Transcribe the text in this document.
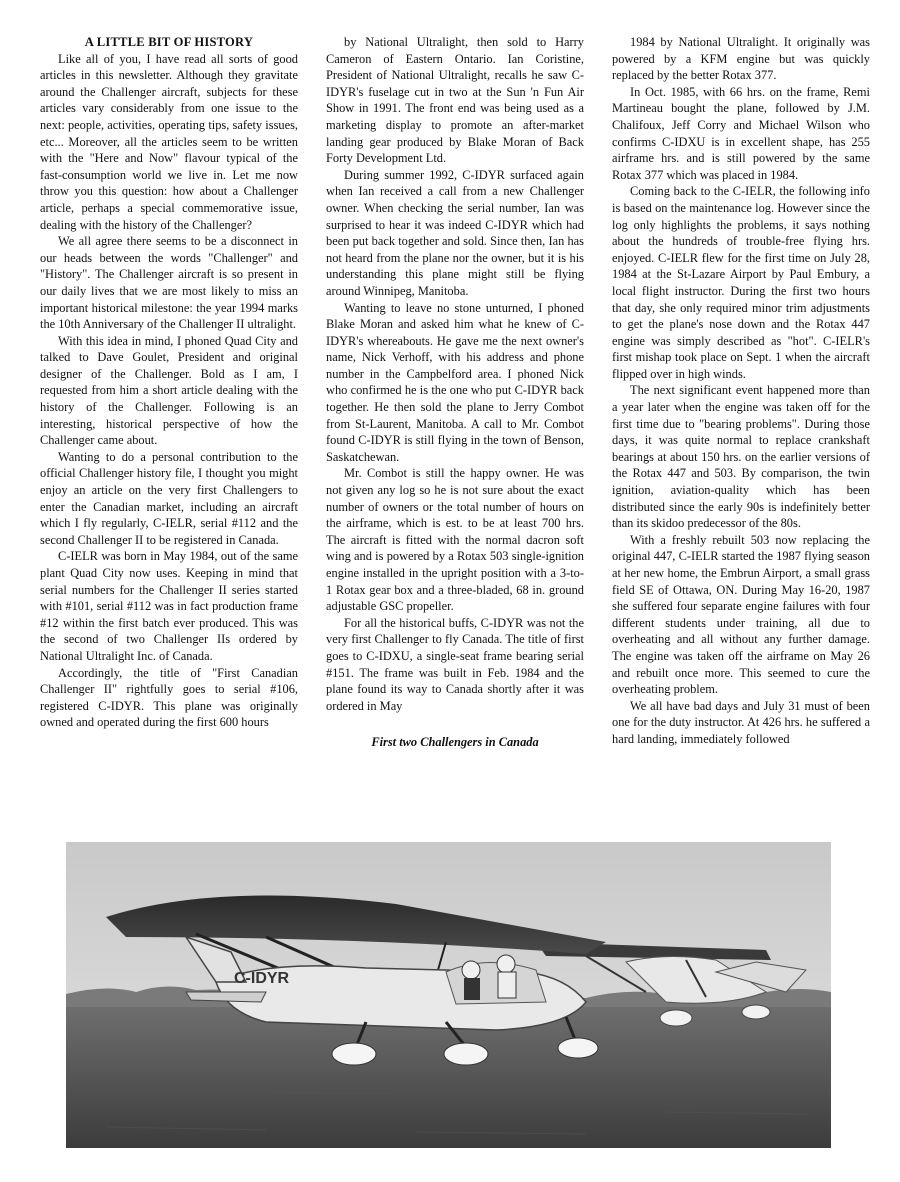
A LITTLE BIT OF HISTORY

Like all of you, I have read all sorts of good articles in this newsletter. Although they gravitate around the Challenger aircraft, subjects for these articles vary considerably from one issue to the next: people, activities, operating tips, safety issues, etc... Moreover, all the articles seem to be written with the "Here and Now" flavour typical of the fast-consumption world we live in. Let me now throw you this question: how about a Challenger article, perhaps a special commemorative issue, dealing with the history of the Challenger?

We all agree there seems to be a disconnect in our heads between the words "Challenger" and "History". The Challenger aircraft is so present in our daily lives that we are most likely to miss an important historical milestone: the year 1994 marks the 10th Anniversary of the Challenger II ultralight.

With this idea in mind, I phoned Quad City and talked to Dave Goulet, President and original designer of the Challenger. Bold as I am, I requested from him a short article dealing with the history of the Challenger. Following is an interesting, historical perspective of how the Challenger came about.

Wanting to do a personal contribution to the official Challenger history file, I thought you might enjoy an article on the very first Challengers to enter the Canadian market, including an aircraft which I fly regularly, C-IELR, serial #112 and the second Challenger II to be registered in Canada.

C-IELR was born in May 1984, out of the same plant Quad City now uses. Keeping in mind that serial numbers for the Challenger II series started with #101, serial #112 was in fact production frame #12 within the first batch ever produced. This was the second of two Challenger IIs ordered by National Ultralight Inc. of Canada.

Accordingly, the title of "First Canadian Challenger II" rightfully goes to serial #106, registered C-IDYR. This plane was originally owned and operated during the first 600 hours

by National Ultralight, then sold to Harry Cameron of Eastern Ontario. Ian Coristine, President of National Ultralight, recalls he saw C-IDYR's fuselage cut in two at the Sun 'n Fun Air Show in 1991. The front end was being used as a marketing display to promote an after-market landing gear produced by Blake Moran of Back Forty Development Ltd.

During summer 1992, C-IDYR surfaced again when Ian received a call from a new Challenger owner. When checking the serial number, Ian was surprised to hear it was indeed C-IDYR which had been put back together and sold. Since then, Ian has not heard from the plane nor the owner, but it is his understanding this plane might still be flying around Winnipeg, Manitoba.

Wanting to leave no stone unturned, I phoned Blake Moran and asked him what he knew of C-IDYR's whereabouts. He gave me the next owner's name, Nick Verhoff, with his address and phone number in the Campbelford area. I phoned Nick who confirmed he is the one who put C-IDYR back together. He then sold the plane to Jerry Combot from St-Laurent, Manitoba. A call to Mr. Combot found C-IDYR is still flying in the town of Benson, Saskatchewan.

Mr. Combot is still the happy owner. He was not given any log so he is not sure about the exact number of owners or the total number of hours on the airframe, which is est. to be at least 700 hrs. The aircraft is fitted with the normal dacron soft wing and is powered by a Rotax 503 single-ignition engine installed in the upright position with a 3-to-1 Rotax gear box and a three-bladed, 68 in. ground adjustable GSC propeller.

For all the historical buffs, C-IDYR was not the very first Challenger to fly Canada. The title of first goes to C-IDXU, a single-seat frame bearing serial #151. The frame was built in Feb. 1984 and the plane found its way to Canada shortly after it was ordered in May

First two Challengers in Canada

1984 by National Ultralight. It originally was powered by a KFM engine but was quickly replaced by the better Rotax 377.

In Oct. 1985, with 66 hrs. on the frame, Remi Martineau bought the plane, followed by J.M. Chalifoux, Jeff Corry and Michael Wilson who confirms C-IDXU is in excellent shape, has 255 airframe hrs. and is still powered by the same Rotax 377 which was placed in 1984.

Coming back to the C-IELR, the following info is based on the maintenance log. However since the log only highlights the problems, it says nothing about the hundreds of trouble-free flying hrs. enjoyed. C-IELR flew for the first time on July 28, 1984 at the St-Lazare Airport by Paul Embury, a local flight instructor. During the first two hours that day, she only required minor trim adjustments to get the plane's nose down and the Rotax 447 engine was simply described as "hot". C-IELR's first mishap took place on Sept. 1 when the aircraft flipped over in high winds.

The next significant event happened more than a year later when the engine was taken off for the first time due to "bearing problems". During those days, it was quite normal to replace crankshaft bearings at about 150 hrs. on the earlier versions of the Rotax 447 and 503. By comparison, the twin ignition, aviation-quality which has been distributed since the early 90s is indefinitely better than its skidoo predecessor of the 80s.

With a freshly rebuilt 503 now replacing the original 447, C-IELR started the 1987 flying season at her new home, the Embrun Airport, a small grass field SE of Ottawa, ON. During May 16-20, 1987 she suffered four separate engine failures with four different students under training, all due to overheating and all without any further damage. The engine was taken off the airframe on May 26 and rebuilt once more. This seemed to cure the overheating problem.

We all have bad days and July 31 must of been one for the duty instructor. At 426 hrs. he suffered a hard landing, immediately followed

C-IDYR
